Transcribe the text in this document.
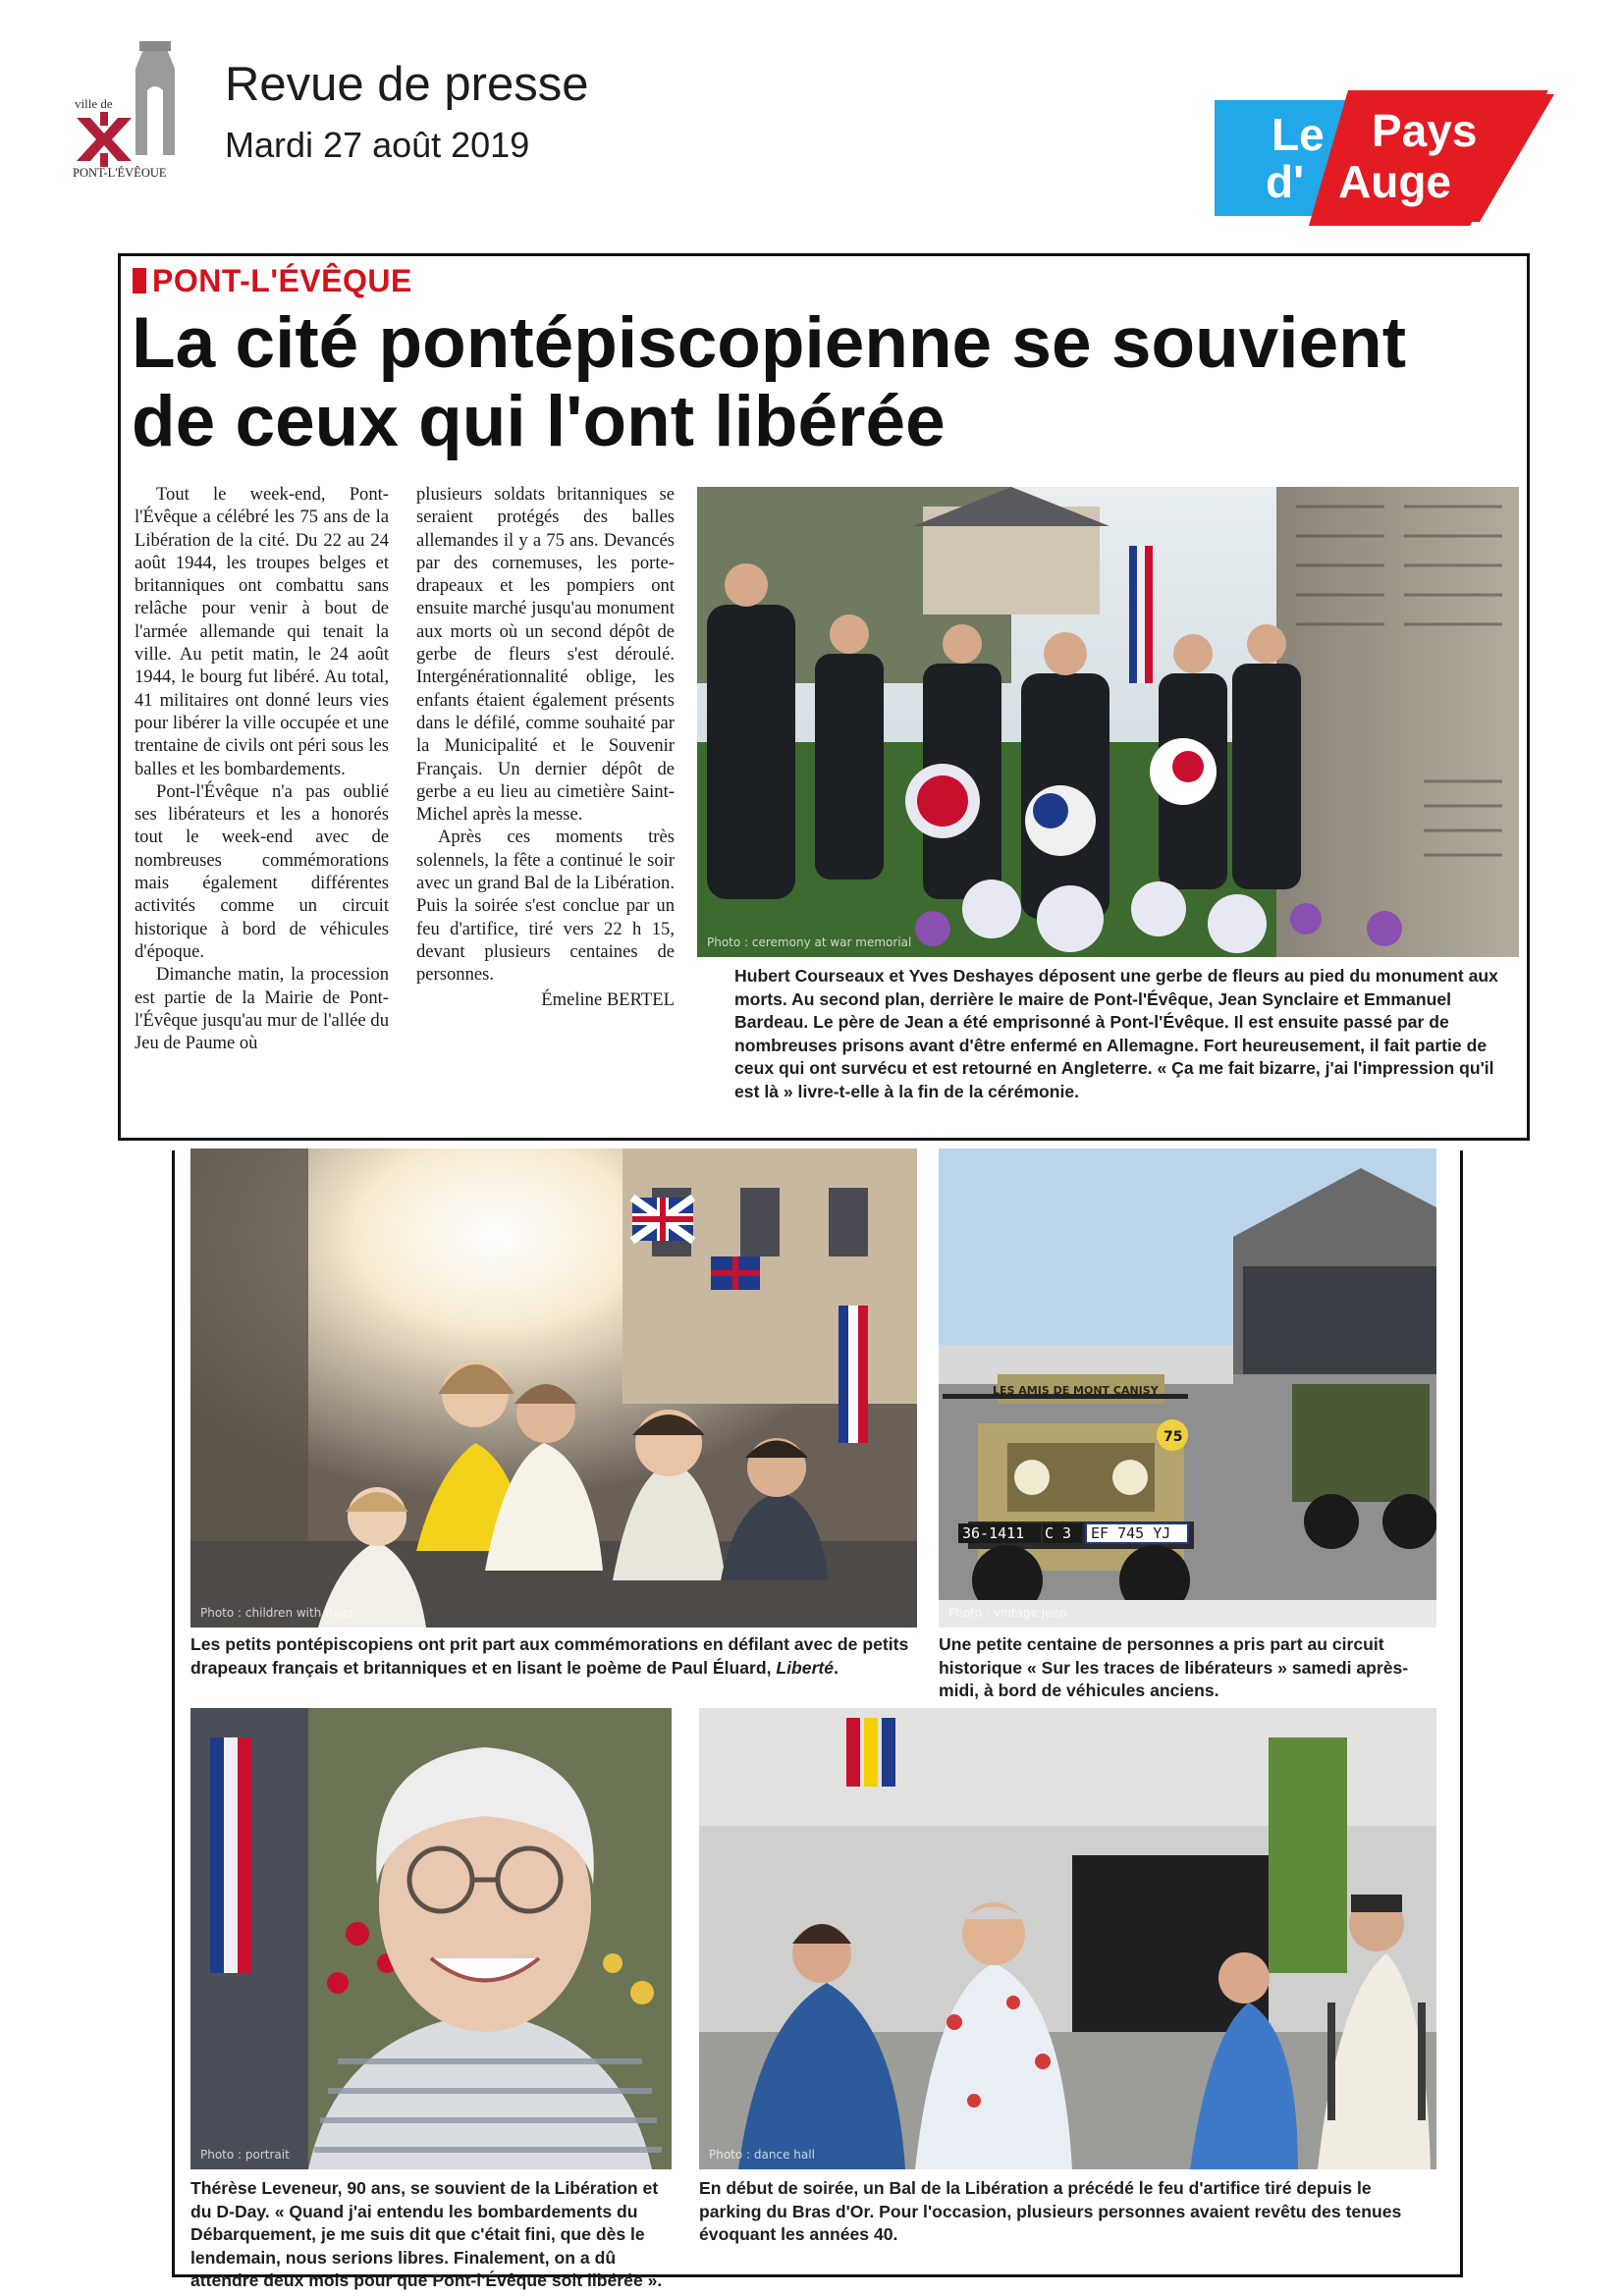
ville de
PONT-L'ÉVÊQUE
Revue de presse
Mardi 27 août 2019	Le Pays
d' Auge
PONT-L'ÉVÊQUE
La cité pontépiscopienne se souvient
de ceux qui l'ont libérée

Tout le week-end, Pont-l'Évêque a célébré les 75 ans de la Libération de la cité. Du 22 au 24 août 1944, les troupes belges et britanniques ont combattu sans relâche pour venir à bout de l'armée allemande qui tenait la ville. Au petit matin, le 24 août 1944, le bourg fut libéré. Au total, 41 militaires ont donné leurs vies pour libérer la ville occupée et une trentaine de civils ont péri sous les balles et les bombardements.

Pont-l'Évêque n'a pas oublié ses libérateurs et les a honorés tout le week-end avec de nombreuses commémorations mais également différentes activités comme un circuit historique à bord de véhicules d'époque.

Dimanche matin, la procession est partie de la Mairie de Pont-l'Évêque jusqu'au mur de l'allée du Jeu de Paume où

plusieurs soldats britanniques se seraient protégés des balles allemandes il y a 75 ans. Devancés par des cornemuses, les porte-drapeaux et les pompiers ont ensuite marché jusqu'au monument aux morts où un second dépôt de gerbe de fleurs s'est déroulé. Intergénérationnalité oblige, les enfants étaient également présents dans le défilé, comme souhaité par la Municipalité et le Souvenir Français. Un dernier dépôt de gerbe a eu lieu au cimetière Saint-Michel après la messe.

Après ces moments très solennels, la fête a continué le soir avec un grand Bal de la Libération. Puis la soirée s'est conclue par un feu d'artifice, tiré vers 22 h 15, devant plusieurs centaines de personnes.

Émeline BERTEL
Photo : ceremony at war memorial
Hubert Courseaux et Yves Deshayes déposent une gerbe de fleurs au pied du monument aux morts. Au second plan, derrière le maire de Pont-l'Évêque, Jean Synclaire et Emmanuel Bardeau. Le père de Jean a été emprisonné à Pont-l'Évêque. Il est ensuite passé par de nombreuses prisons avant d'être enfermé en Allemagne. Fort heureusement, il fait partie de ceux qui ont survécu et est retourné en Angleterre. « Ça me fait bizarre, j'ai l'impression qu'il est là » livre-t-elle à la fin de la cérémonie.
Photo : children with flags
Les petits pontépiscopiens ont prit part aux commémorations en défilant avec de petits drapeaux français et britanniques et en lisant le poème de Paul Éluard, Liberté.
LES AMIS DE MONT CANISY
75
36-1411 C 3 EF 745 YJ
Photo : vintage jeep
Une petite centaine de personnes a pris part au circuit historique « Sur les traces de libérateurs » samedi après-midi, à bord de véhicules anciens.
Photo : portrait
Thérèse Leveneur, 90 ans, se souvient de la Libération et du D-Day. « Quand j'ai entendu les bombardements du Débarquement, je me suis dit que c'était fini, que dès le lendemain, nous serions libres. Finalement, on a dû attendre deux mois pour que Pont-l'Évêque soit libérée ».
Photo : dance hall
En début de soirée, un Bal de la Libération a précédé le feu d'artifice tiré depuis le parking du Bras d'Or. Pour l'occasion, plusieurs personnes avaient revêtu des tenues évoquant les années 40.
